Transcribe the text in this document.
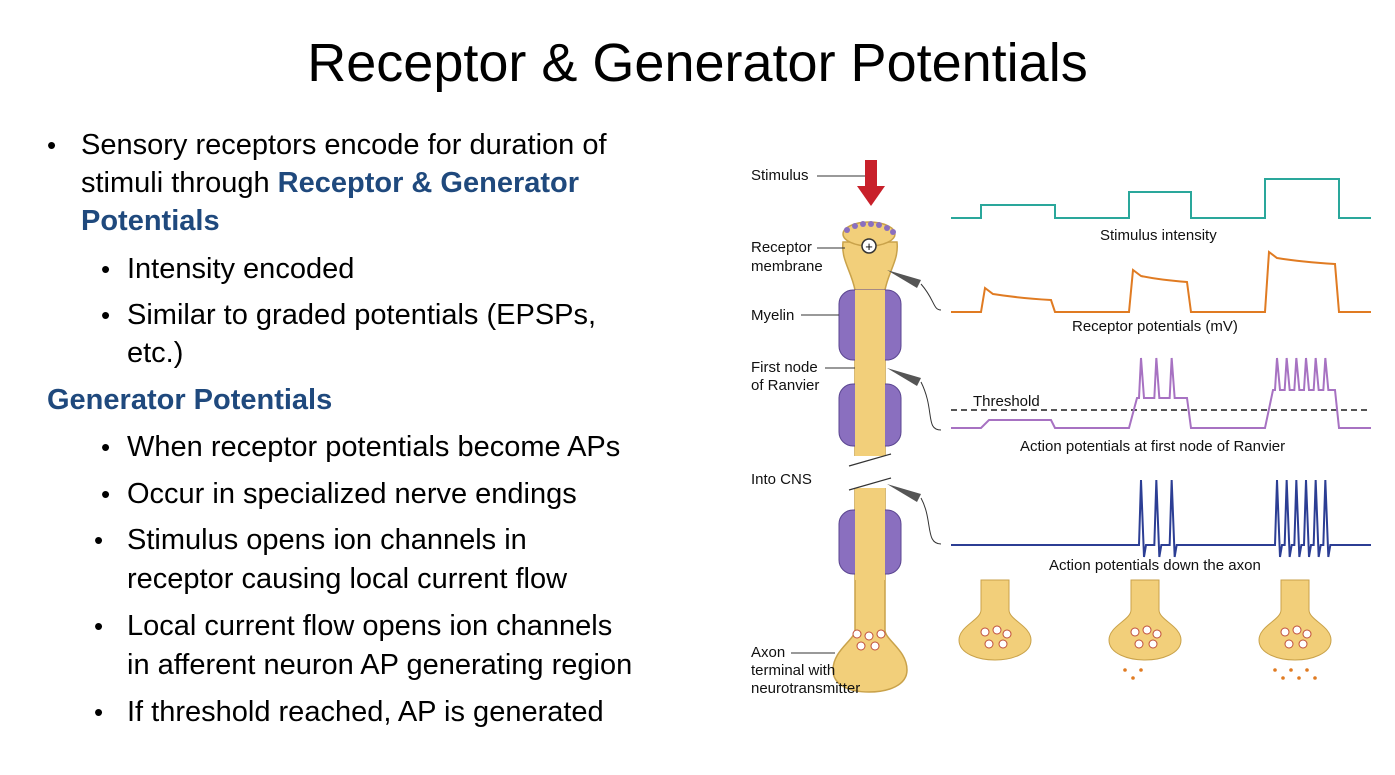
Receptor & Generator Potentials
• Sensory receptors encode for duration of
stimuli through Receptor & Generator
Potentials
• Intensity encoded
• Similar to graded potentials (EPSPs,
etc.)
Generator Potentials
• When receptor potentials become APs
• Occur in specialized nerve endings
• Stimulus opens ion channels in
receptor causing local current flow
• Local current flow opens ion channels
in afferent neuron AP generating region
• If threshold reached, AP is generated
+
Stimulus
Receptor
membrane
Myelin
First node
of Ranvier
Into CNS
Axon
terminal with
neurotransmitter
Threshold
Stimulus intensity
Receptor potentials (mV)
Action potentials at first node of Ranvier
Action potentials down the axon
